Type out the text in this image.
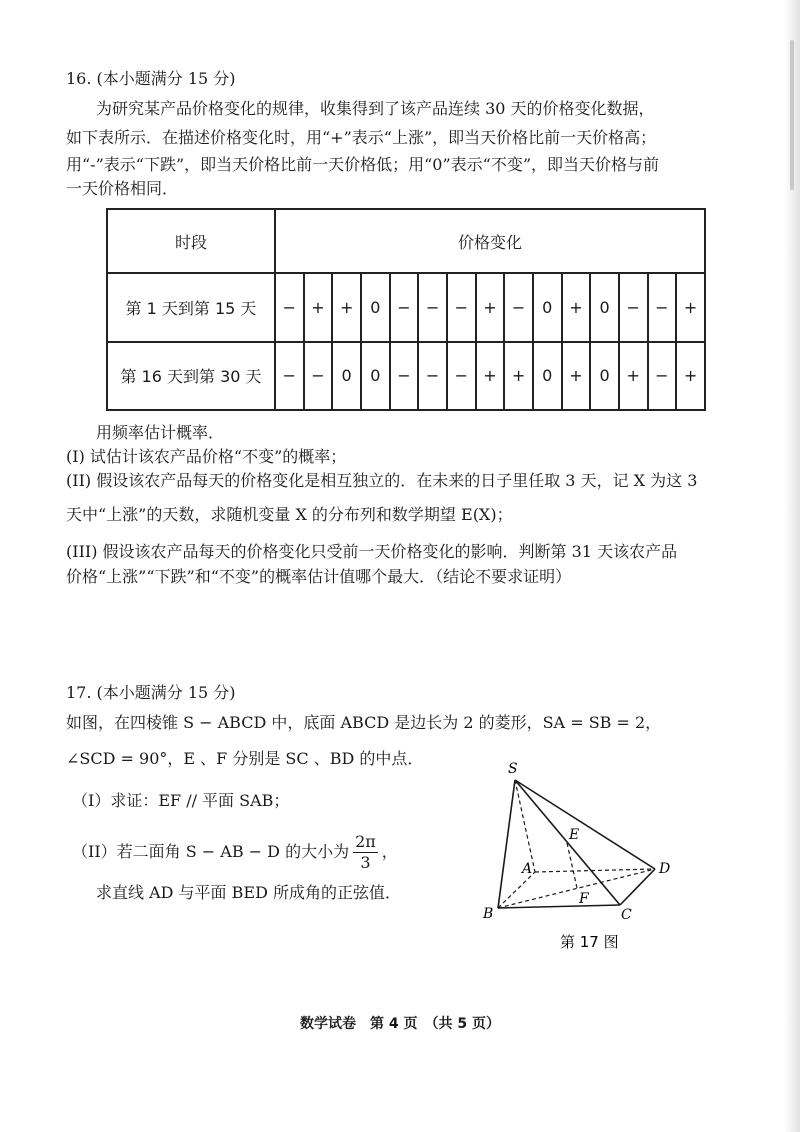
16. (本小题满分 15 分)
为研究某产品价格变化的规律，收集得到了该产品连续 30 天的价格变化数据，
如下表所示．在描述价格变化时，用“+”表示“上涨”，即当天价格比前一天价格高；
用“-”表示“下跌”，即当天价格比前一天价格低；用“0”表示“不变”，即当天价格与前
一天价格相同．
时段	价格变化														
第 1 天到第 15 天	−	+	+	0	−	−	−	+	−	0	+	0	−	−	+
第 16 天到第 30 天	−	−	0	0	−	−	−	+	+	0	+	0	+	−	+
用频率估计概率．
(I) 试估计该农产品价格“不变”的概率；
(II) 假设该农产品每天的价格变化是相互独立的．在未来的日子里任取 3 天，记 X 为这 3
天中“上涨”的天数，求随机变量 X 的分布列和数学期望 E(X)；
(III) 假设该农产品每天的价格变化只受前一天价格变化的影响．判断第 31 天该农产品
价格“上涨”“下跌”和“不变”的概率估计值哪个最大．（结论不要求证明）
17. (本小题满分 15 分)
如图，在四棱锥 S − ABCD 中，底面 ABCD 是边长为 2 的菱形，SA = SB = 2，
∠SCD = 90°，E 、F 分别是 SC 、BD 的中点．
（I）求证：EF // 平面 SAB；
（II）若二面角 S − AB − D 的大小为 $\frac{2\pi}{3}$ ，
求直线 AD 与平面 BED 所成角的正弦值．
S
E
A	D
F
B	C
第 17 图
数学试卷　第 4 页　（共 5 页）
